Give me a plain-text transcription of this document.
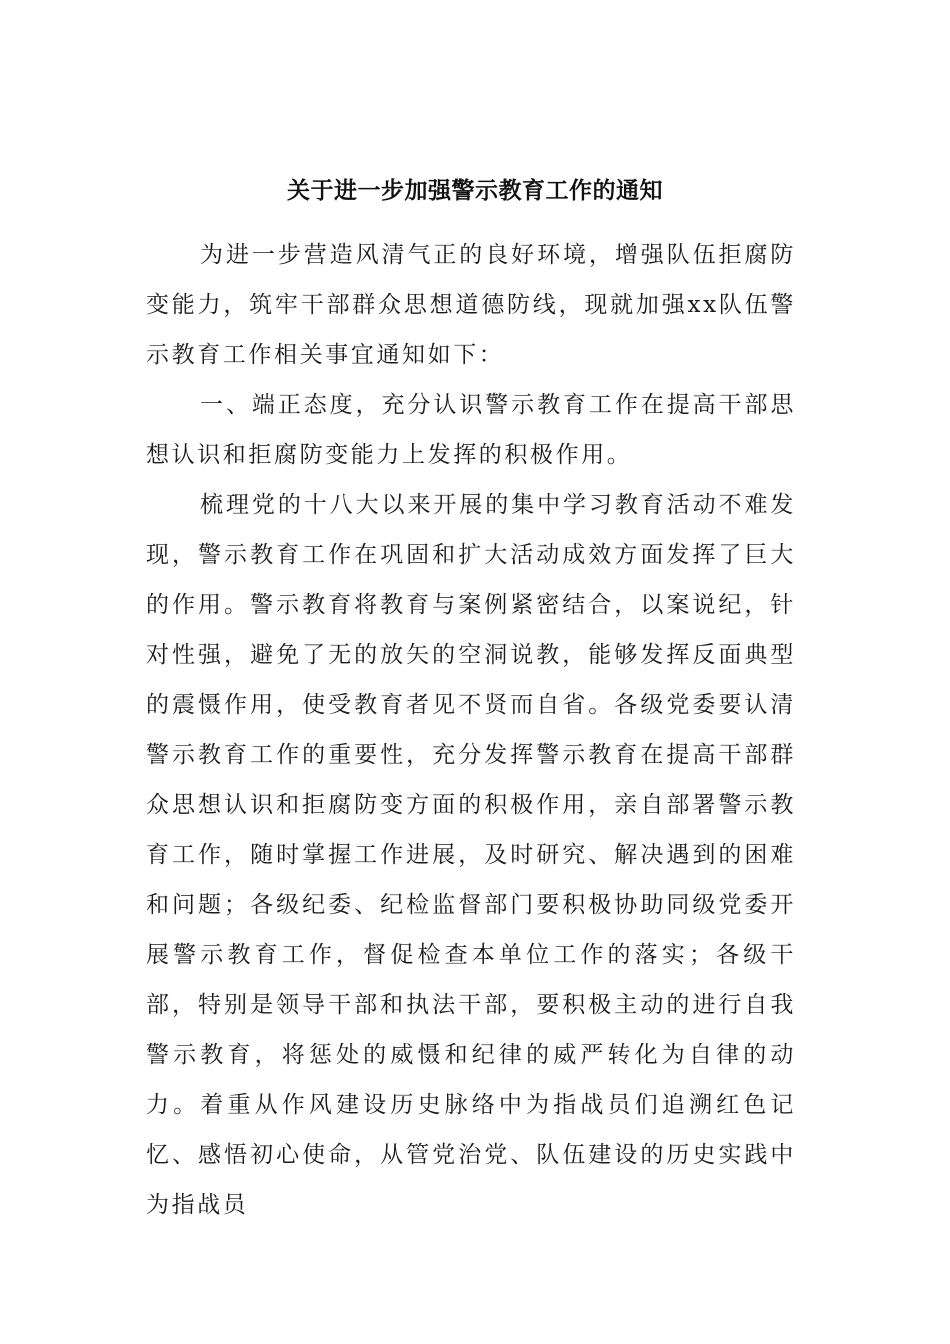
关于进一步加强警示教育工作的通知

为进一步营造风清气正的良好环境，增强队伍拒腐防变能力，筑牢干部群众思想道德防线，现就加强xx队伍警示教育工作相关事宜通知如下：

一、端正态度，充分认识警示教育工作在提高干部思想认识和拒腐防变能力上发挥的积极作用。

梳理党的十八大以来开展的集中学习教育活动不难发现，警示教育工作在巩固和扩大活动成效方面发挥了巨大的作用。警示教育将教育与案例紧密结合，以案说纪，针对性强，避免了无的放矢的空洞说教，能够发挥反面典型的震慑作用，使受教育者见不贤而自省。各级党委要认清警示教育工作的重要性，充分发挥警示教育在提高干部群众思想认识和拒腐防变方面的积极作用，亲自部署警示教育工作，随时掌握工作进展，及时研究、解决遇到的困难和问题；各级纪委、纪检监督部门要积极协助同级党委开展警示教育工作，督促检查本单位工作的落实；各级干部，特别是领导干部和执法干部，要积极主动的进行自我警示教育，将惩处的威慑和纪律的威严转化为自律的动力。着重从作风建设历史脉络中为指战员们追溯红色记忆、感悟初心使命，从管党治党、队伍建设的历史实践中为指战员
